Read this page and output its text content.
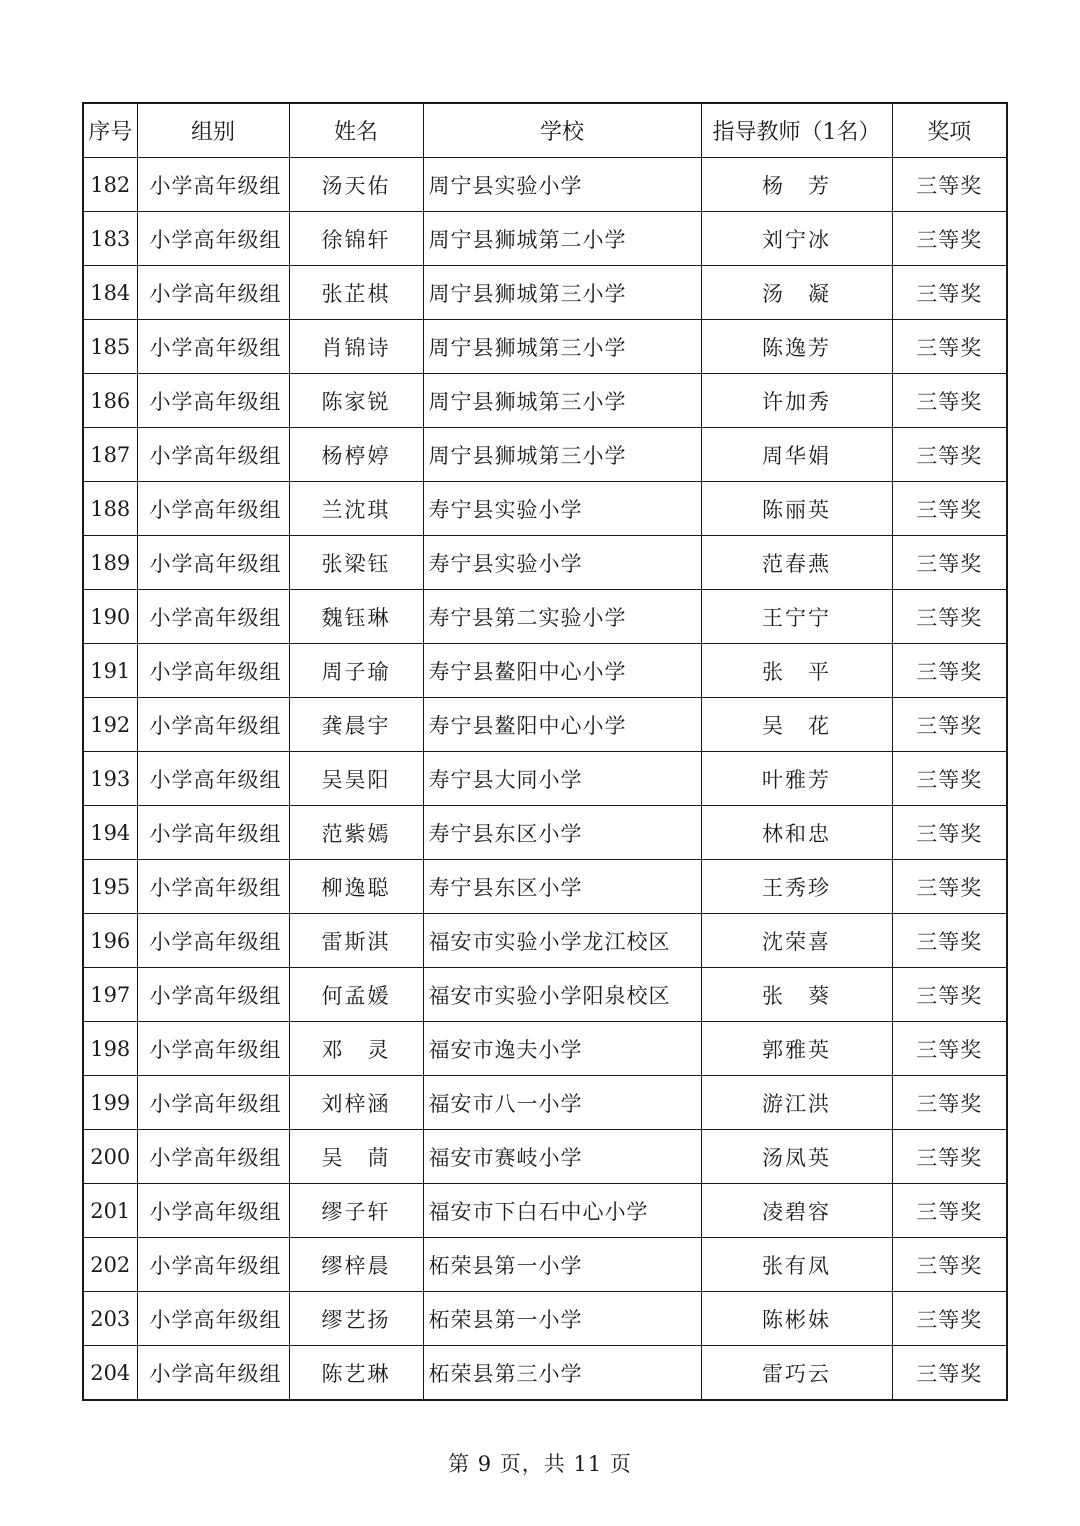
序号	组别	姓名	学校	指导教师（1名）	奖项
182	小学高年级组	汤天佑	周宁县实验小学	杨　芳	三等奖
183	小学高年级组	徐锦轩	周宁县狮城第二小学	刘宁冰	三等奖
184	小学高年级组	张芷棋	周宁县狮城第三小学	汤　凝	三等奖
185	小学高年级组	肖锦诗	周宁县狮城第三小学	陈逸芳	三等奖
186	小学高年级组	陈家锐	周宁县狮城第三小学	许加秀	三等奖
187	小学高年级组	杨楟婷	周宁县狮城第三小学	周华娟	三等奖
188	小学高年级组	兰沈琪	寿宁县实验小学	陈丽英	三等奖
189	小学高年级组	张梁钰	寿宁县实验小学	范春燕	三等奖
190	小学高年级组	魏钰琳	寿宁县第二实验小学	王宁宁	三等奖
191	小学高年级组	周子瑜	寿宁县鳌阳中心小学	张　平	三等奖
192	小学高年级组	龚晨宇	寿宁县鳌阳中心小学	吴　花	三等奖
193	小学高年级组	吴昊阳	寿宁县大同小学	叶雅芳	三等奖
194	小学高年级组	范紫嫣	寿宁县东区小学	林和忠	三等奖
195	小学高年级组	柳逸聪	寿宁县东区小学	王秀珍	三等奖
196	小学高年级组	雷斯淇	福安市实验小学龙江校区	沈荣喜	三等奖
197	小学高年级组	何孟媛	福安市实验小学阳泉校区	张　葵	三等奖
198	小学高年级组	邓　灵	福安市逸夫小学	郭雅英	三等奖
199	小学高年级组	刘梓涵	福安市八一小学	游江洪	三等奖
200	小学高年级组	吴　茼	福安市赛岐小学	汤凤英	三等奖
201	小学高年级组	缪子轩	福安市下白石中心小学	凌碧容	三等奖
202	小学高年级组	缪梓晨	柘荣县第一小学	张有凤	三等奖
203	小学高年级组	缪艺扬	柘荣县第一小学	陈彬妹	三等奖
204	小学高年级组	陈艺琳	柘荣县第三小学	雷巧云	三等奖
第 9 页，共 11 页
